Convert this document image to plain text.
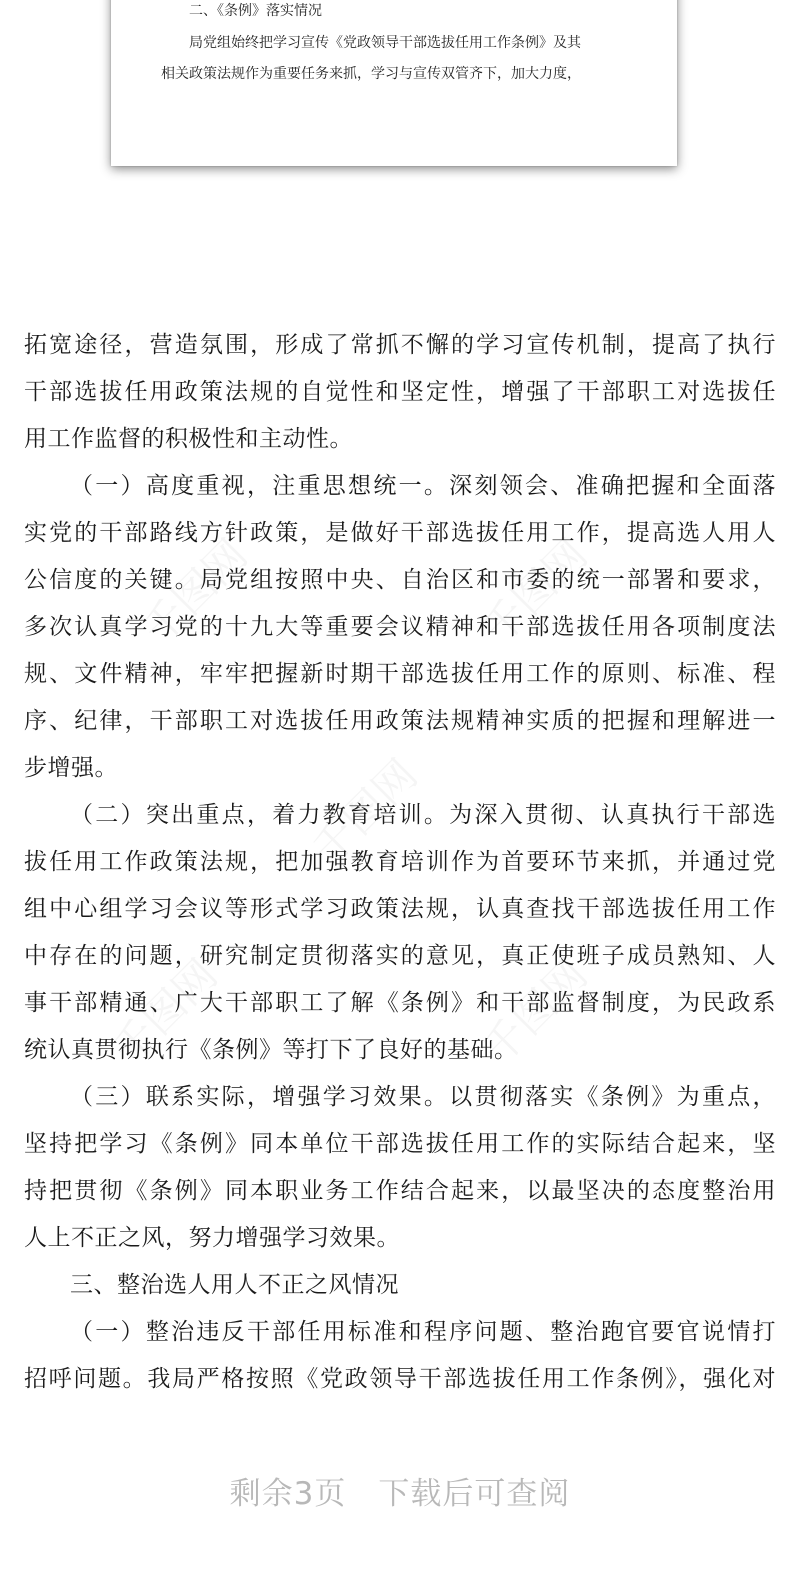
二、《条例》落实情况
局党组始终把学习宣传《党政领导干部选拔任用工作条例》及其
相关政策法规作为重要任务来抓，学习与宣传双管齐下，加大力度，
千图网	千图网
千图网
千图网	千图网
拓宽途径，营造氛围，形成了常抓不懈的学习宣传机制，提高了执行
干部选拔任用政策法规的自觉性和坚定性，增强了干部职工对选拔任
用工作监督的积极性和主动性。
（一）高度重视，注重思想统一。深刻领会、准确把握和全面落
实党的干部路线方针政策，是做好干部选拔任用工作，提高选人用人
公信度的关键。局党组按照中央、自治区和市委的统一部署和要求，
多次认真学习党的十九大等重要会议精神和干部选拔任用各项制度法
规、文件精神，牢牢把握新时期干部选拔任用工作的原则、标准、程
序、纪律，干部职工对选拔任用政策法规精神实质的把握和理解进一
步增强。
（二）突出重点，着力教育培训。为深入贯彻、认真执行干部选
拔任用工作政策法规，把加强教育培训作为首要环节来抓，并通过党
组中心组学习会议等形式学习政策法规，认真查找干部选拔任用工作
中存在的问题，研究制定贯彻落实的意见，真正使班子成员熟知、人
事干部精通、广大干部职工了解《条例》和干部监督制度，为民政系
统认真贯彻执行《条例》等打下了良好的基础。
（三）联系实际，增强学习效果。以贯彻落实《条例》为重点，
坚持把学习《条例》同本单位干部选拔任用工作的实际结合起来，坚
持把贯彻《条例》同本职业务工作结合起来，以最坚决的态度整治用
人上不正之风，努力增强学习效果。
三、整治选人用人不正之风情况
（一）整治违反干部任用标准和程序问题、整治跑官要官说情打
招呼问题。我局严格按照《党政领导干部选拔任用工作条例》，强化对
剩余3页　下载后可查阅
